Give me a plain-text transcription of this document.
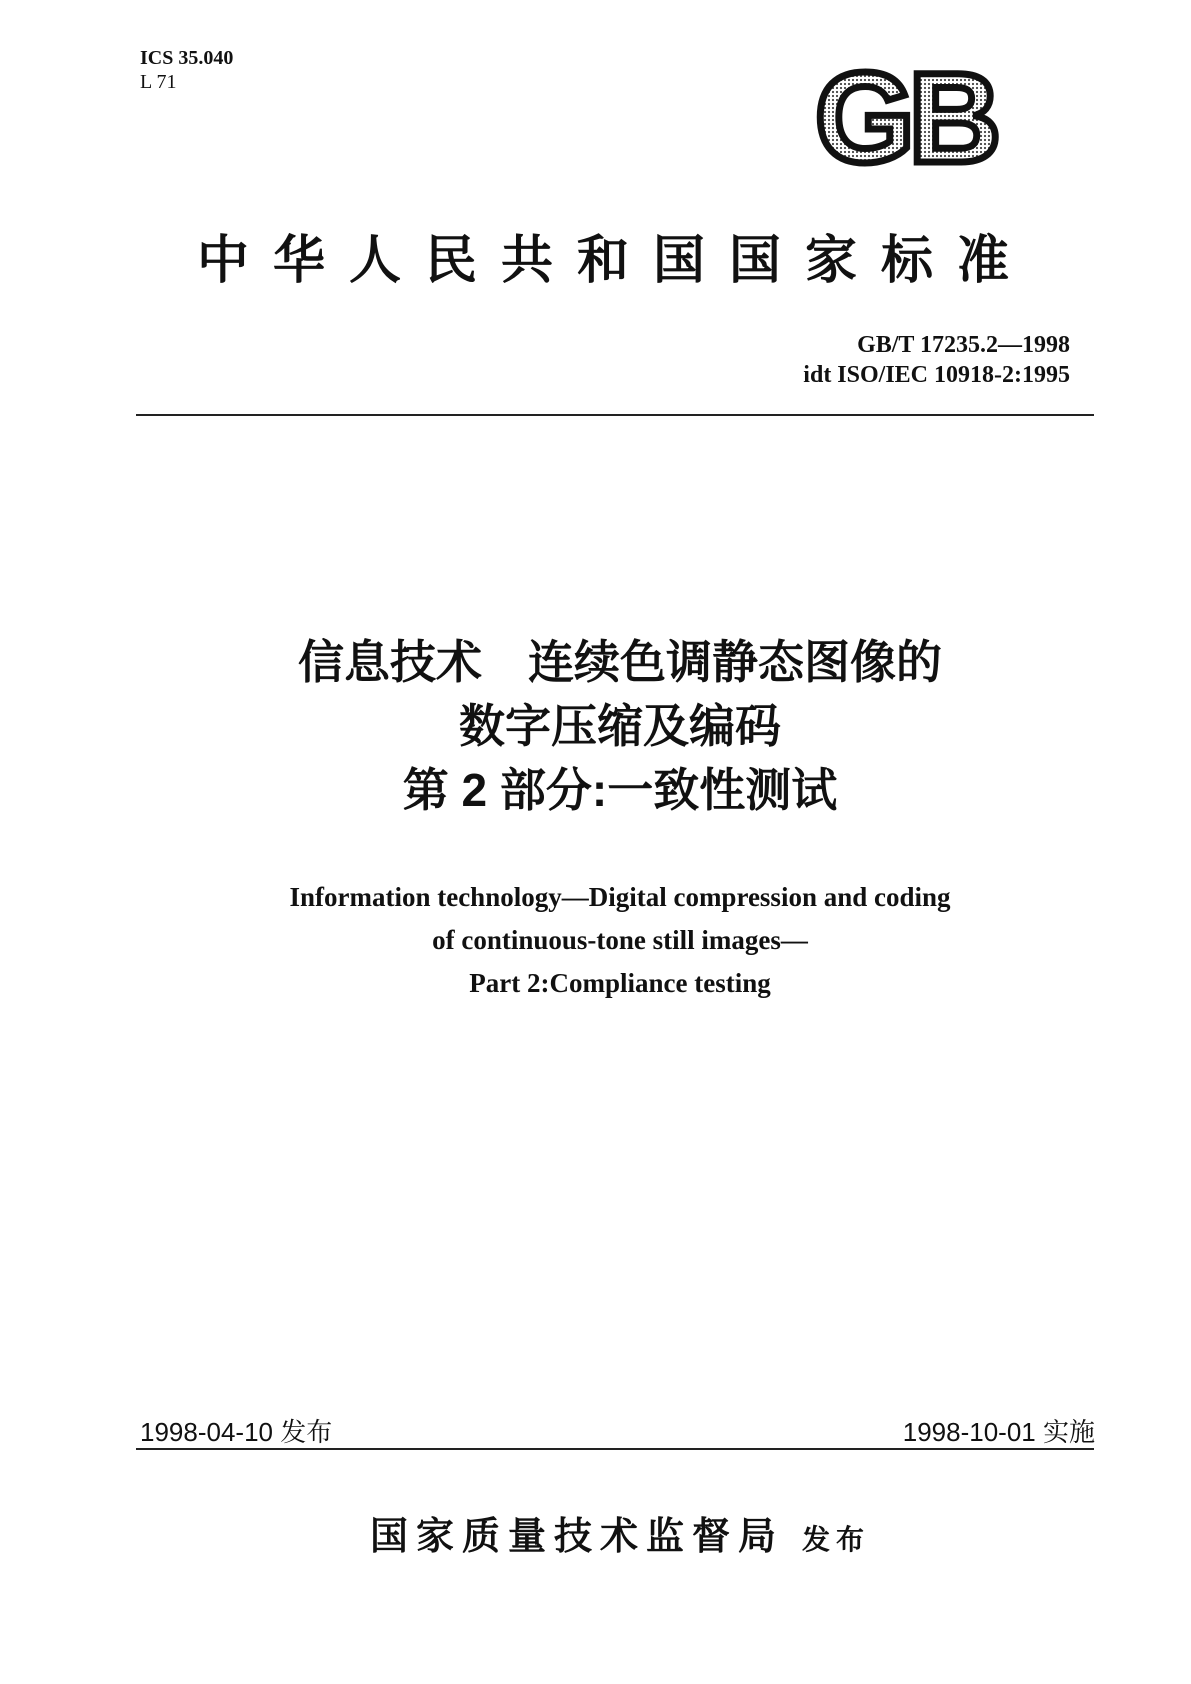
ICS 35.040
L 71	GB
中华人民共和国国家标准
GB/T 17235.2—1998
idt ISO/IEC 10918-2:1995
信息技术　连续色调静态图像的
数字压缩及编码
第 2 部分:一致性测试
Information technology—Digital compression and coding
of continuous-tone still images—
Part 2:Compliance testing
1998-04-10 发布	1998-10-01 实施
国家质量技术监督局 发布
